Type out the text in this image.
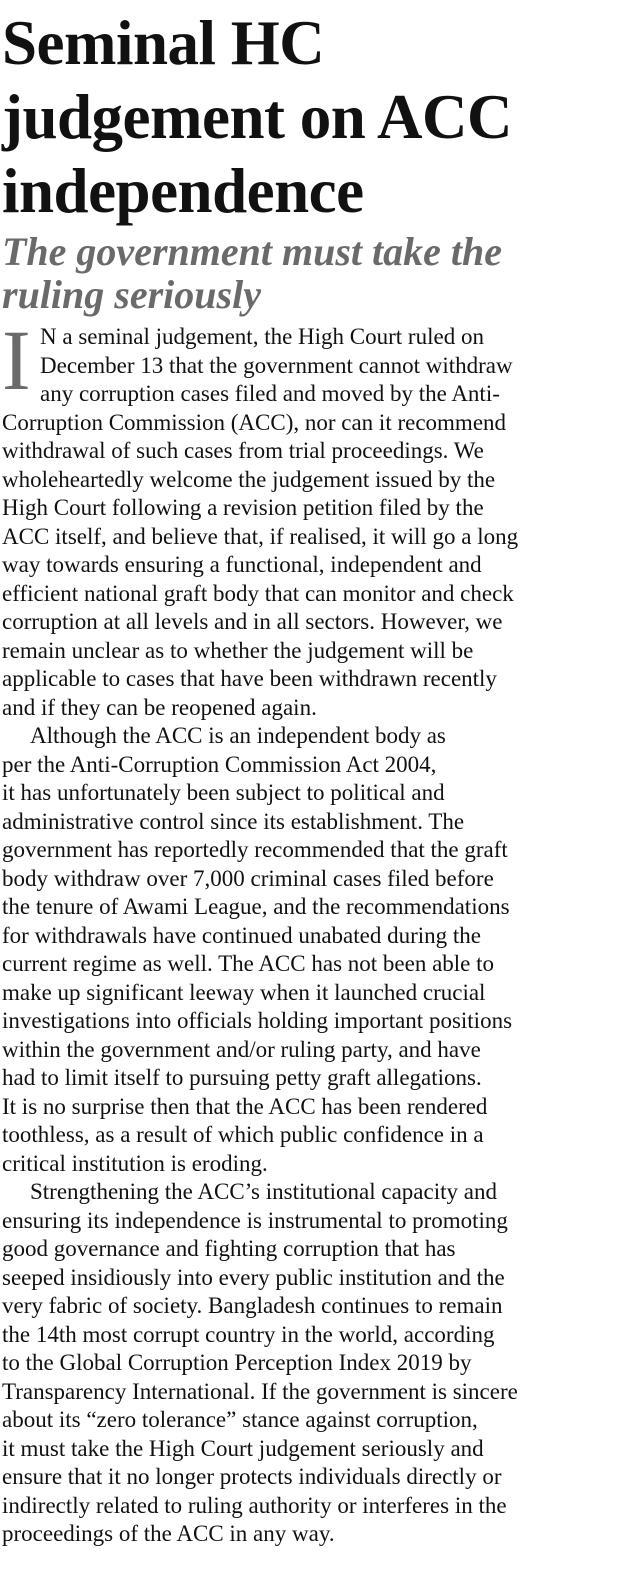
Seminal HC
judgement on ACC
independence
The government must take the
ruling seriously
I N a seminal judgement, the High Court ruled on
December 13 that the government cannot withdraw
any corruption cases filed and moved by the Anti-
Corruption Commission (ACC), nor can it recommend
withdrawal of such cases from trial proceedings. We
wholeheartedly welcome the judgement issued by the
High Court following a revision petition filed by the
ACC itself, and believe that, if realised, it will go a long
way towards ensuring a functional, independent and
efficient national graft body that can monitor and check
corruption at all levels and in all sectors. However, we
remain unclear as to whether the judgement will be
applicable to cases that have been withdrawn recently
and if they can be reopened again.
Although the ACC is an independent body as
per the Anti-Corruption Commission Act 2004,
it has unfortunately been subject to political and
administrative control since its establishment. The
government has reportedly recommended that the graft
body withdraw over 7,000 criminal cases filed before
the tenure of Awami League, and the recommendations
for withdrawals have continued unabated during the
current regime as well. The ACC has not been able to
make up significant leeway when it launched crucial
investigations into officials holding important positions
within the government and/or ruling party, and have
had to limit itself to pursuing petty graft allegations.
It is no surprise then that the ACC has been rendered
toothless, as a result of which public confidence in a
critical institution is eroding.
Strengthening the ACC’s institutional capacity and
ensuring its independence is instrumental to promoting
good governance and fighting corruption that has
seeped insidiously into every public institution and the
very fabric of society. Bangladesh continues to remain
the 14th most corrupt country in the world, according
to the Global Corruption Perception Index 2019 by
Transparency International. If the government is sincere
about its “zero tolerance” stance against corruption,
it must take the High Court judgement seriously and
ensure that it no longer protects individuals directly or
indirectly related to ruling authority or interferes in the
proceedings of the ACC in any way.
